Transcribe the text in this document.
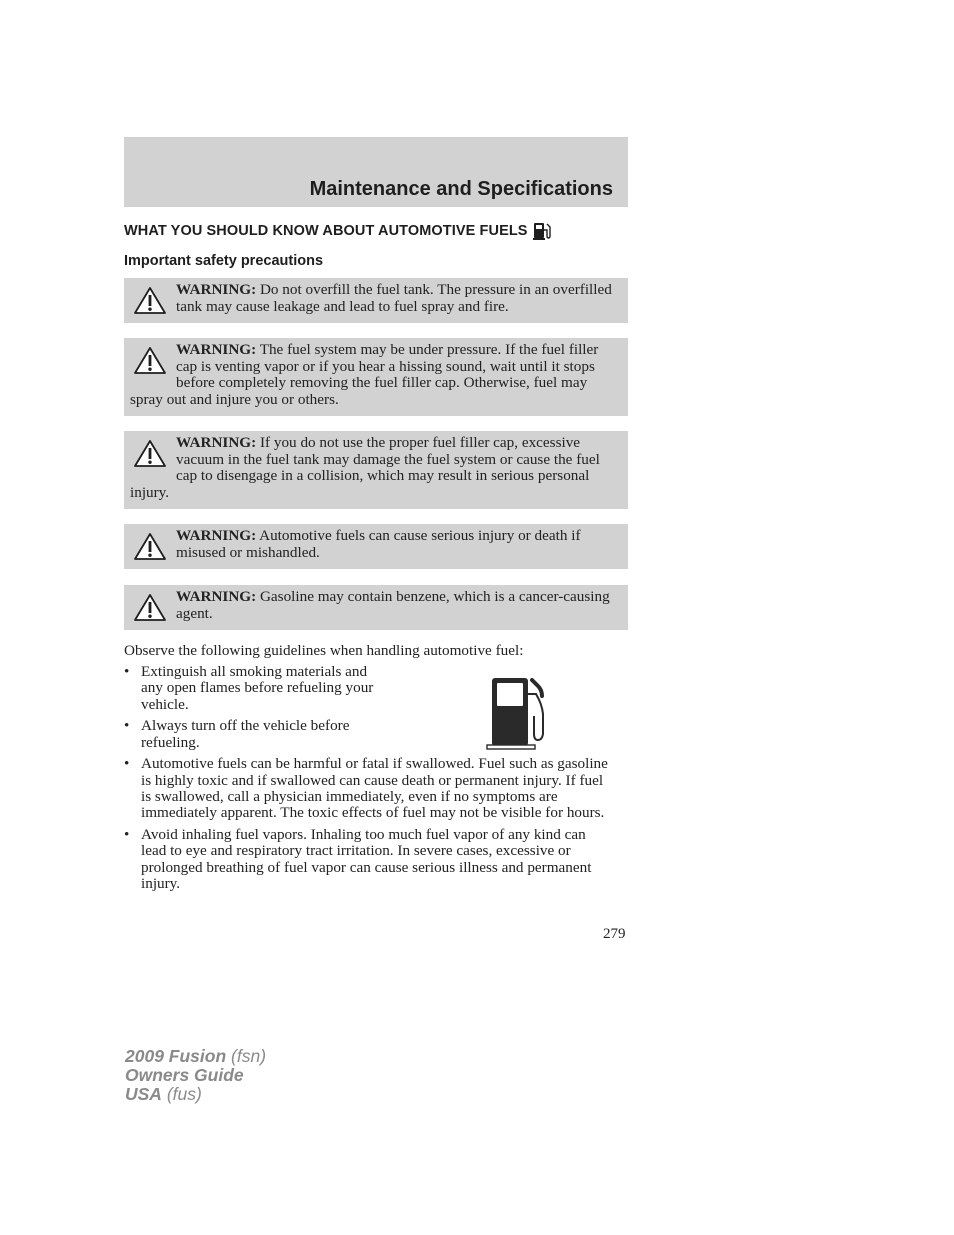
Maintenance and Specifications
WHAT YOU SHOULD KNOW ABOUT AUTOMOTIVE FUELS
Important safety precautions
WARNING: Do not overfill the fuel tank. The pressure in an overfilled tank may cause leakage and lead to fuel spray and fire.
WARNING: The fuel system may be under pressure. If the fuel filler cap is venting vapor or if you hear a hissing sound, wait until it stops before completely removing the fuel filler cap. Otherwise, fuel may spray out and injure you or others.
WARNING: If you do not use the proper fuel filler cap, excessive vacuum in the fuel tank may damage the fuel system or cause the fuel cap to disengage in a collision, which may result in serious personal injury.
WARNING: Automotive fuels can cause serious injury or death if misused or mishandled.
WARNING: Gasoline may contain benzene, which is a cancer-causing agent.
Observe the following guidelines when handling automotive fuel:
• Extinguish all smoking materials and any open flames before refueling your vehicle.
• Always turn off the vehicle before refueling.
• Automotive fuels can be harmful or fatal if swallowed. Fuel such as gasoline is highly toxic and if swallowed can cause death or permanent injury. If fuel is swallowed, call a physician immediately, even if no symptoms are immediately apparent. The toxic effects of fuel may not be visible for hours.
• Avoid inhaling fuel vapors. Inhaling too much fuel vapor of any kind can lead to eye and respiratory tract irritation. In severe cases, excessive or prolonged breathing of fuel vapor can cause serious illness and permanent injury.
279
2009 Fusion (fsn)
Owners Guide
USA (fus)
